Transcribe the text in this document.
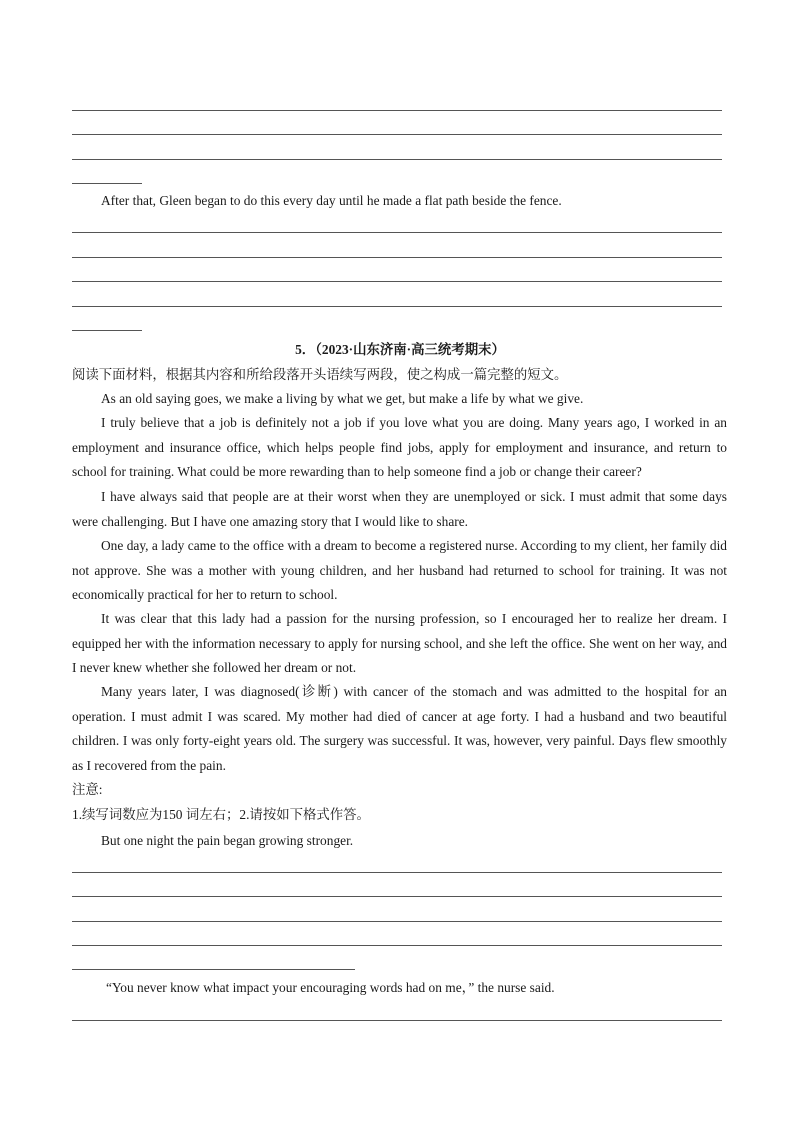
After that, Gleen began to do this every day until he made a flat path beside the fence.

5．（2023·山东济南·高三统考期末）

阅读下面材料，根据其内容和所给段落开头语续写两段，使之构成一篇完整的短文。

As an old saying goes, we make a living by what we get, but make a life by what we give.

I truly believe that a job is definitely not a job if you love what you are doing. Many years ago, I worked in an employment and insurance office, which helps people find jobs, apply for employment and insurance, and return to school for training. What could be more rewarding than to help someone find a job or change their career?

I have always said that people are at their worst when they are unemployed or sick. I must admit that some days were challenging. But I have one amazing story that I would like to share.

One day, a lady came to the office with a dream to become a registered nurse. According to my client, her family did not approve. She was a mother with young children, and her husband had returned to school for training. It was not economically practical for her to return to school.

It was clear that this lady had a passion for the nursing profession, so I encouraged her to realize her dream. I equipped her with the information necessary to apply for nursing school, and she left the office. She went on her way, and I never knew whether she followed her dream or not.

Many years later, I was diagnosed(诊断) with cancer of the stomach and was admitted to the hospital for an operation. I must admit I was scared. My mother had died of cancer at age forty. I had a husband and two beautiful children. I was only forty-eight years old. The surgery was successful. It was, however, very painful. Days flew smoothly as I recovered from the pain.

注意:

1.续写词数应为150 词左右；2.请按如下格式作答。

But one night the pain began growing stronger.

“You never know what impact your encouraging words had on me，” the nurse said.
